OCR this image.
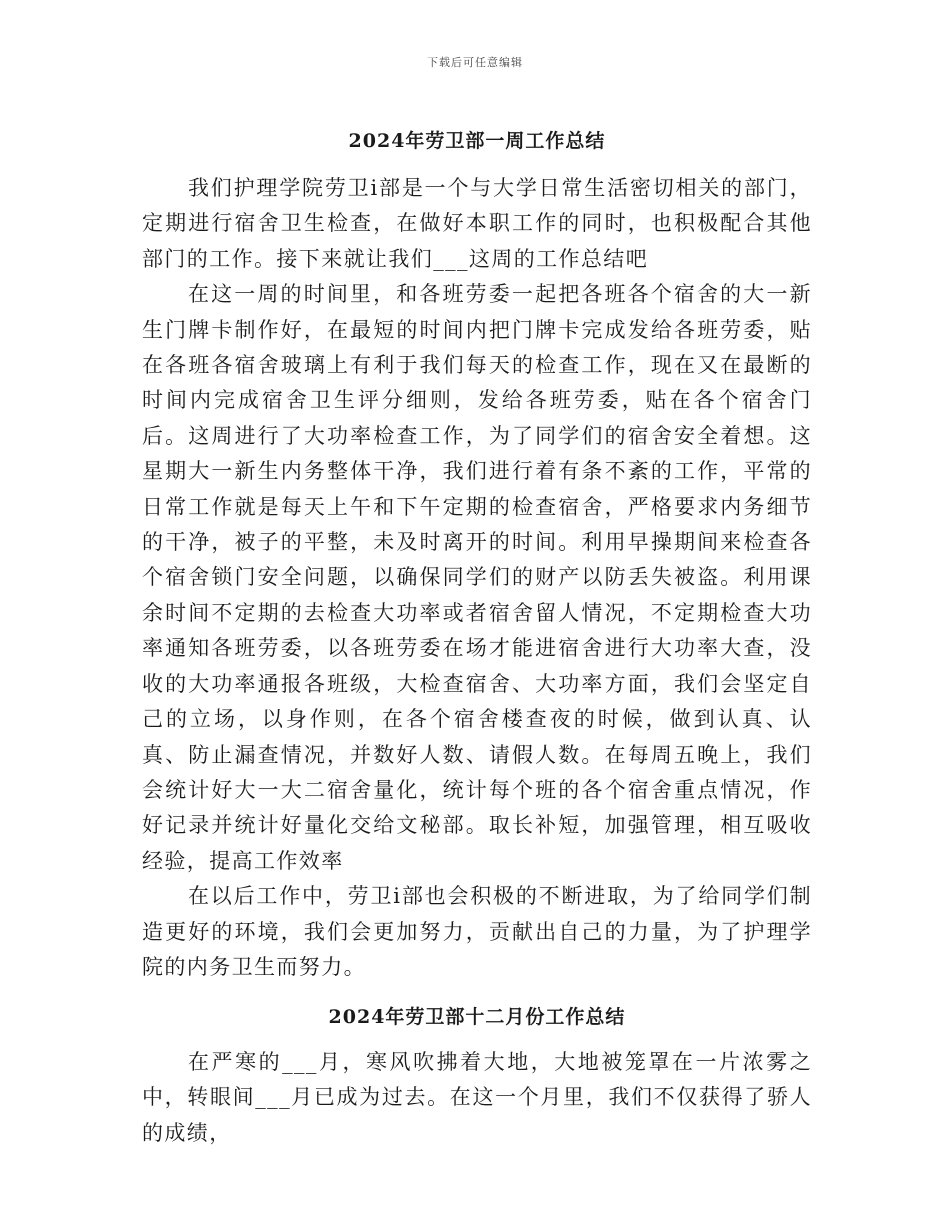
下载后可任意编辑
2024年劳卫部一周工作总结

我们护理学院劳卫ⅰ部是一个与大学日常生活密切相关的部门，定期进行宿舍卫生检查，在做好本职工作的同时，也积极配合其他部门的工作。接下来就让我们___这周的工作总结吧

在这一周的时间里，和各班劳委一起把各班各个宿舍的大一新生门牌卡制作好，在最短的时间内把门牌卡完成发给各班劳委，贴在各班各宿舍玻璃上有利于我们每天的检查工作，现在又在最断的时间内完成宿舍卫生评分细则，发给各班劳委，贴在各个宿舍门后。这周进行了大功率检查工作，为了同学们的宿舍安全着想。这星期大一新生内务整体干净，我们进行着有条不紊的工作，平常的日常工作就是每天上午和下午定期的检查宿舍，严格要求内务细节的干净，被子的平整，未及时离开的时间。利用早操期间来检查各个宿舍锁门安全问题，以确保同学们的财产以防丢失被盗。利用课余时间不定期的去检查大功率或者宿舍留人情况，不定期检查大功率通知各班劳委，以各班劳委在场才能进宿舍进行大功率大查，没收的大功率通报各班级，大检查宿舍、大功率方面，我们会坚定自己的立场，以身作则，在各个宿舍楼查夜的时候，做到认真、认真、防止漏查情况，并数好人数、请假人数。在每周五晚上，我们会统计好大一大二宿舍量化，统计每个班的各个宿舍重点情况，作好记录并统计好量化交给文秘部。取长补短，加强管理，相互吸收经验，提高工作效率

在以后工作中，劳卫ⅰ部也会积极的不断进取，为了给同学们制造更好的环境，我们会更加努力，贡献出自己的力量，为了护理学院的内务卫生而努力。

2024年劳卫部十二月份工作总结

在严寒的___月，寒风吹拂着大地，大地被笼罩在一片浓雾之中，转眼间___月已成为过去。在这一个月里，我们不仅获得了骄人的成绩，
